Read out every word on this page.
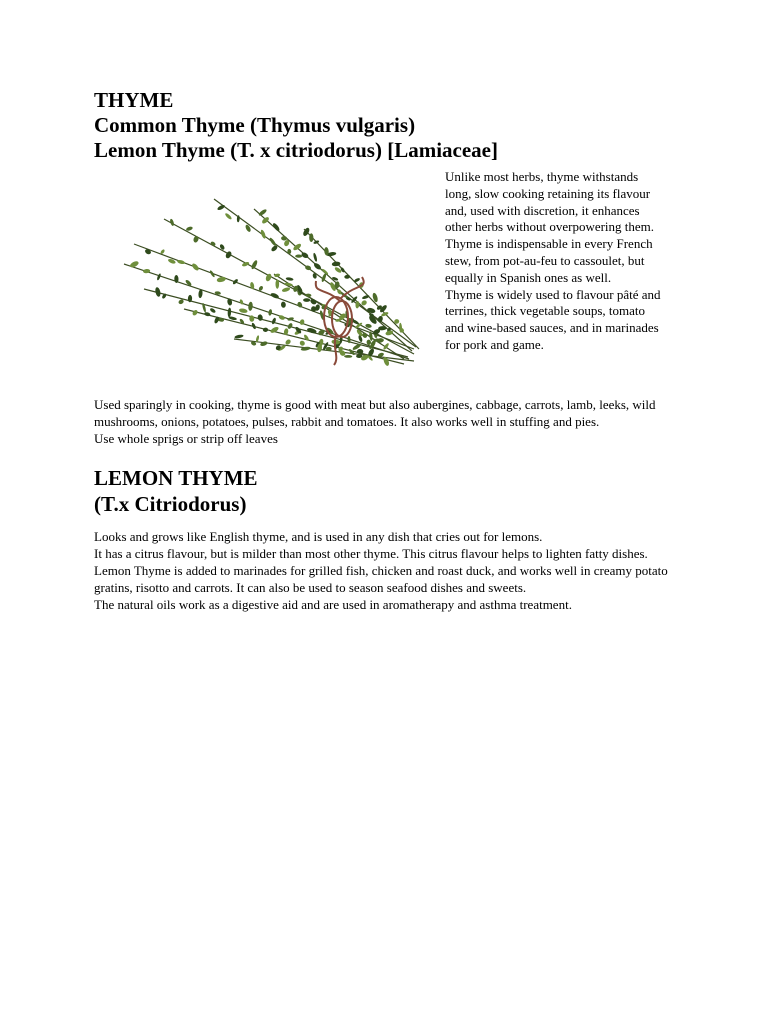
THYME
Common Thyme (Thymus vulgaris)
Lemon Thyme (T. x citriodorus) [Lamiaceae]

Unlike most herbs, thyme withstands long, slow cooking retaining its flavour and, used with discretion, it enhances other herbs without overpowering them.

Thyme is indispensable in every French stew, from pot-au-feu to cassoulet, but equally in Spanish ones as well.

Thyme is widely used to flavour pâté and terrines, thick vegetable soups, tomato and wine-based sauces, and in marinades for pork and game.

Used sparingly in cooking, thyme is good with meat but also aubergines, cabbage, carrots, lamb, leeks, wild mushrooms, onions, potatoes, pulses, rabbit and tomatoes. It also works well in stuffing and pies.

Use whole sprigs or strip off leaves

LEMON THYME
(T.x Citriodorus)

Looks and grows like English thyme, and is used in any dish that cries out for lemons.

It has a citrus flavour, but is milder than most other thyme. This citrus flavour helps to lighten fatty dishes.

Lemon Thyme is added to marinades for grilled fish, chicken and roast duck, and works well in creamy potato gratins, risotto and carrots. It can also be used to season seafood dishes and sweets.

The natural oils work as a digestive aid and are used in aromatherapy and asthma treatment.
